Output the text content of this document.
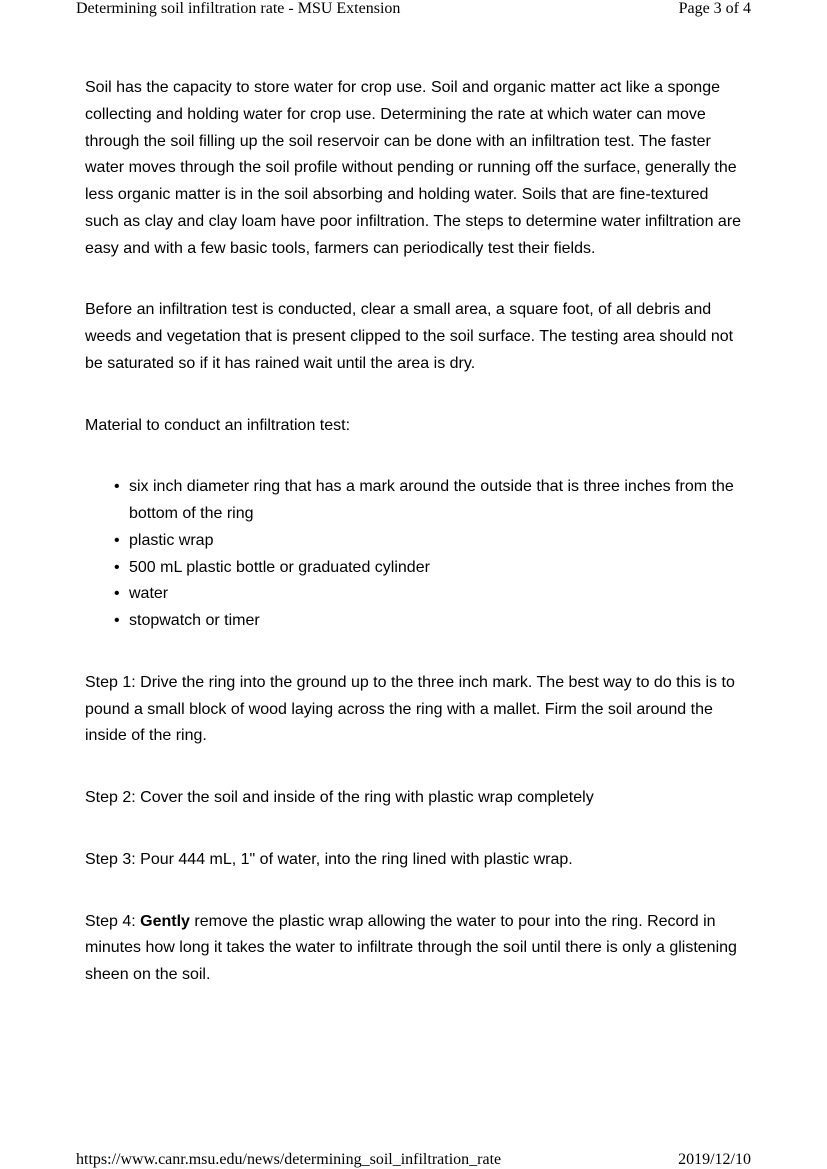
Determining soil infiltration rate - MSU Extension	Page 3 of 4

Soil has the capacity to store water for crop use. Soil and organic matter act like a sponge collecting and holding water for crop use. Determining the rate at which water can move through the soil filling up the soil reservoir can be done with an infiltration test. The faster water moves through the soil profile without pending or running off the surface, generally the less organic matter is in the soil absorbing and holding water. Soils that are fine-textured such as clay and clay loam have poor infiltration. The steps to determine water infiltration are easy and with a few basic tools, farmers can periodically test their fields.

Before an infiltration test is conducted, clear a small area, a square foot, of all debris and weeds and vegetation that is present clipped to the soil surface. The testing area should not be saturated so if it has rained wait until the area is dry.

Material to conduct an infiltration test:

• six inch diameter ring that has a mark around the outside that is three inches from the bottom of the ring
• plastic wrap
• 500 mL plastic bottle or graduated cylinder
• water
• stopwatch or timer

Step 1: Drive the ring into the ground up to the three inch mark. The best way to do this is to pound a small block of wood laying across the ring with a mallet. Firm the soil around the inside of the ring.

Step 2: Cover the soil and inside of the ring with plastic wrap completely

Step 3: Pour 444 mL, 1" of water, into the ring lined with plastic wrap.

Step 4: Gently remove the plastic wrap allowing the water to pour into the ring. Record in minutes how long it takes the water to infiltrate through the soil until there is only a glistening sheen on the soil.

https://www.canr.msu.edu/news/determining_soil_infiltration_rate	2019/12/10
